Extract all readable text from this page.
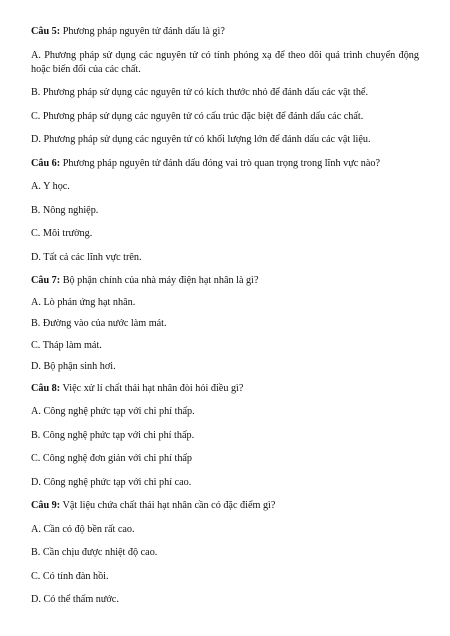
Câu 5: Phương pháp nguyên tử đánh dấu là gì?

A. Phương pháp sử dụng các nguyên tử có tính phóng xạ để theo dõi quá trình chuyển động hoặc biến đổi của các chất.

B. Phương pháp sử dụng các nguyên tử có kích thước nhỏ để đánh dấu các vật thể.

C. Phương pháp sử dụng các nguyên tử có cấu trúc đặc biệt để đánh dấu các chất.

D. Phương pháp sử dụng các nguyên tử có khối lượng lớn để đánh dấu các vật liệu.

Câu 6: Phương pháp nguyên tử đánh dấu đóng vai trò quan trọng trong lĩnh vực nào?

A. Y học.

B. Nông nghiệp.

C. Môi trường.

D. Tất cả các lĩnh vực trên.

Câu 7: Bộ phận chính của nhà máy điện hạt nhân là gì?

A. Lò phản ứng hạt nhân.

B. Đường vào của nước làm mát.

C. Tháp làm mát.

D. Bộ phận sinh hơi.

Câu 8: Việc xử lí chất thải hạt nhân đòi hỏi điều gì?

A. Công nghệ phức tạp với chi phí thấp.

B. Công nghệ phức tạp với chi phí thấp.

C. Công nghệ đơn giản với chi phí thấp

D. Công nghệ phức tạp với chi phí cao.

Câu 9: Vật liệu chứa chất thải hạt nhân cần có đặc điểm gì?

A. Cần có độ bền rất cao.

B. Cần chịu được nhiệt độ cao.

C. Có tính đàn hồi.

D. Có thể thấm nước.
